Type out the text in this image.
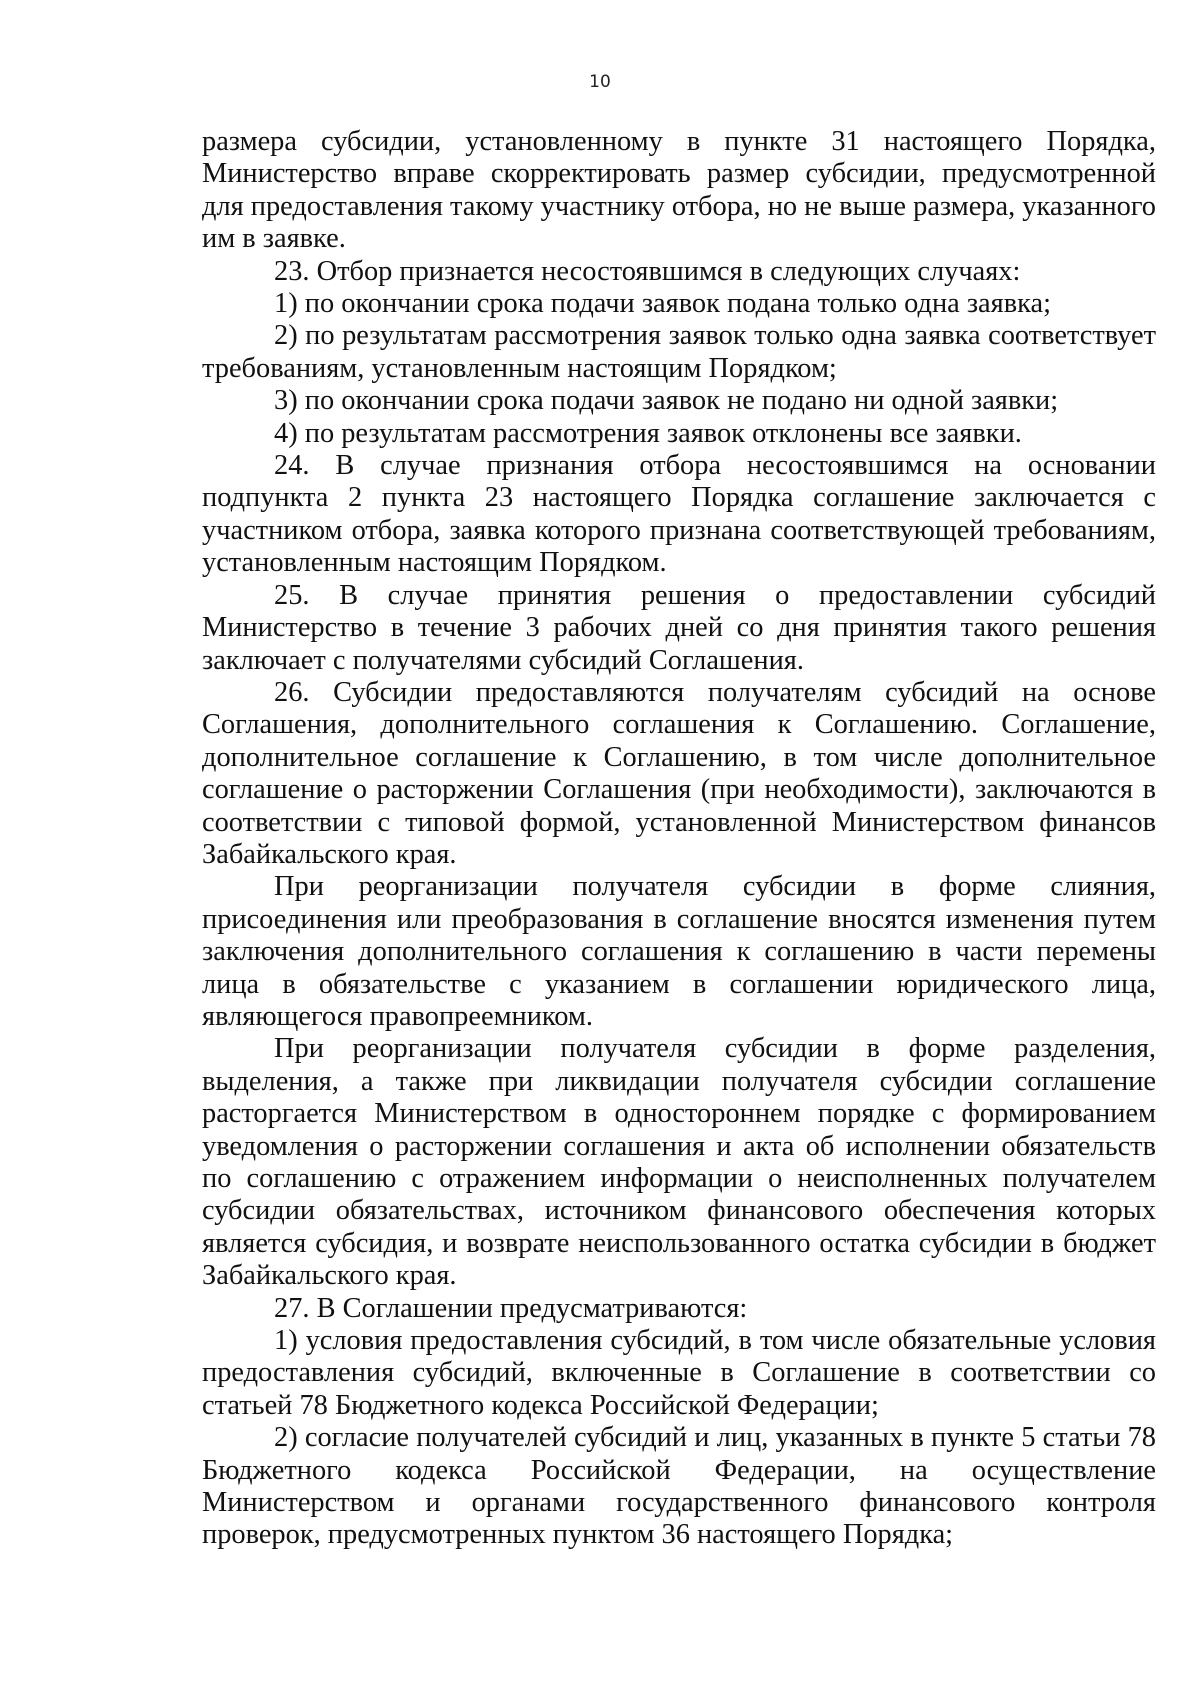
10

размера субсидии, установленному в пункте 31 настоящего Порядка, Министерство вправе скорректировать размер субсидии, предусмотренной для предоставления такому участнику отбора, но не выше размера, указанного им в заявке.

23. Отбор признается несостоявшимся в следующих случаях:

1) по окончании срока подачи заявок подана только одна заявка;

2) по результатам рассмотрения заявок только одна заявка соответствует требованиям, установленным настоящим Порядком;

3) по окончании срока подачи заявок не подано ни одной заявки;

4) по результатам рассмотрения заявок отклонены все заявки.

24. В случае признания отбора несостоявшимся на основании подпункта 2 пункта 23 настоящего Порядка соглашение заключается с участником отбора, заявка которого признана соответствующей требованиям, установленным настоящим Порядком.

25. В случае принятия решения о предоставлении субсидий Министерство в течение 3 рабочих дней со дня принятия такого решения заключает с получателями субсидий Соглашения.

26. Субсидии предоставляются получателям субсидий на основе Соглашения, дополнительного соглашения к Соглашению. Соглашение, дополнительное соглашение к Соглашению, в том числе дополнительное соглашение о расторжении Соглашения (при необходимости), заключаются в соответствии с типовой формой, установленной Министерством финансов Забайкальского края.

При реорганизации получателя субсидии в форме слияния, присоединения или преобразования в соглашение вносятся изменения путем заключения дополнительного соглашения к соглашению в части перемены лица в обязательстве с указанием в соглашении юридического лица, являющегося правопреемником.

При реорганизации получателя субсидии в форме разделения, выделения, а также при ликвидации получателя субсидии соглашение расторгается Министерством в одностороннем порядке с формированием уведомления о расторжении соглашения и акта об исполнении обязательств по соглашению с отражением информации о неисполненных получателем субсидии обязательствах, источником финансового обеспечения которых является субсидия, и возврате неиспользованного остатка субсидии в бюджет Забайкальского края.

27. В Соглашении предусматриваются:

1) условия предоставления субсидий, в том числе обязательные условия предоставления субсидий, включенные в Соглашение в соответствии со статьей 78 Бюджетного кодекса Российской Федерации;

2) согласие получателей субсидий и лиц, указанных в пункте 5 статьи 78 Бюджетного кодекса Российской Федерации, на осуществление Министерством и органами государственного финансового контроля проверок, предусмотренных пунктом 36 настоящего Порядка;
